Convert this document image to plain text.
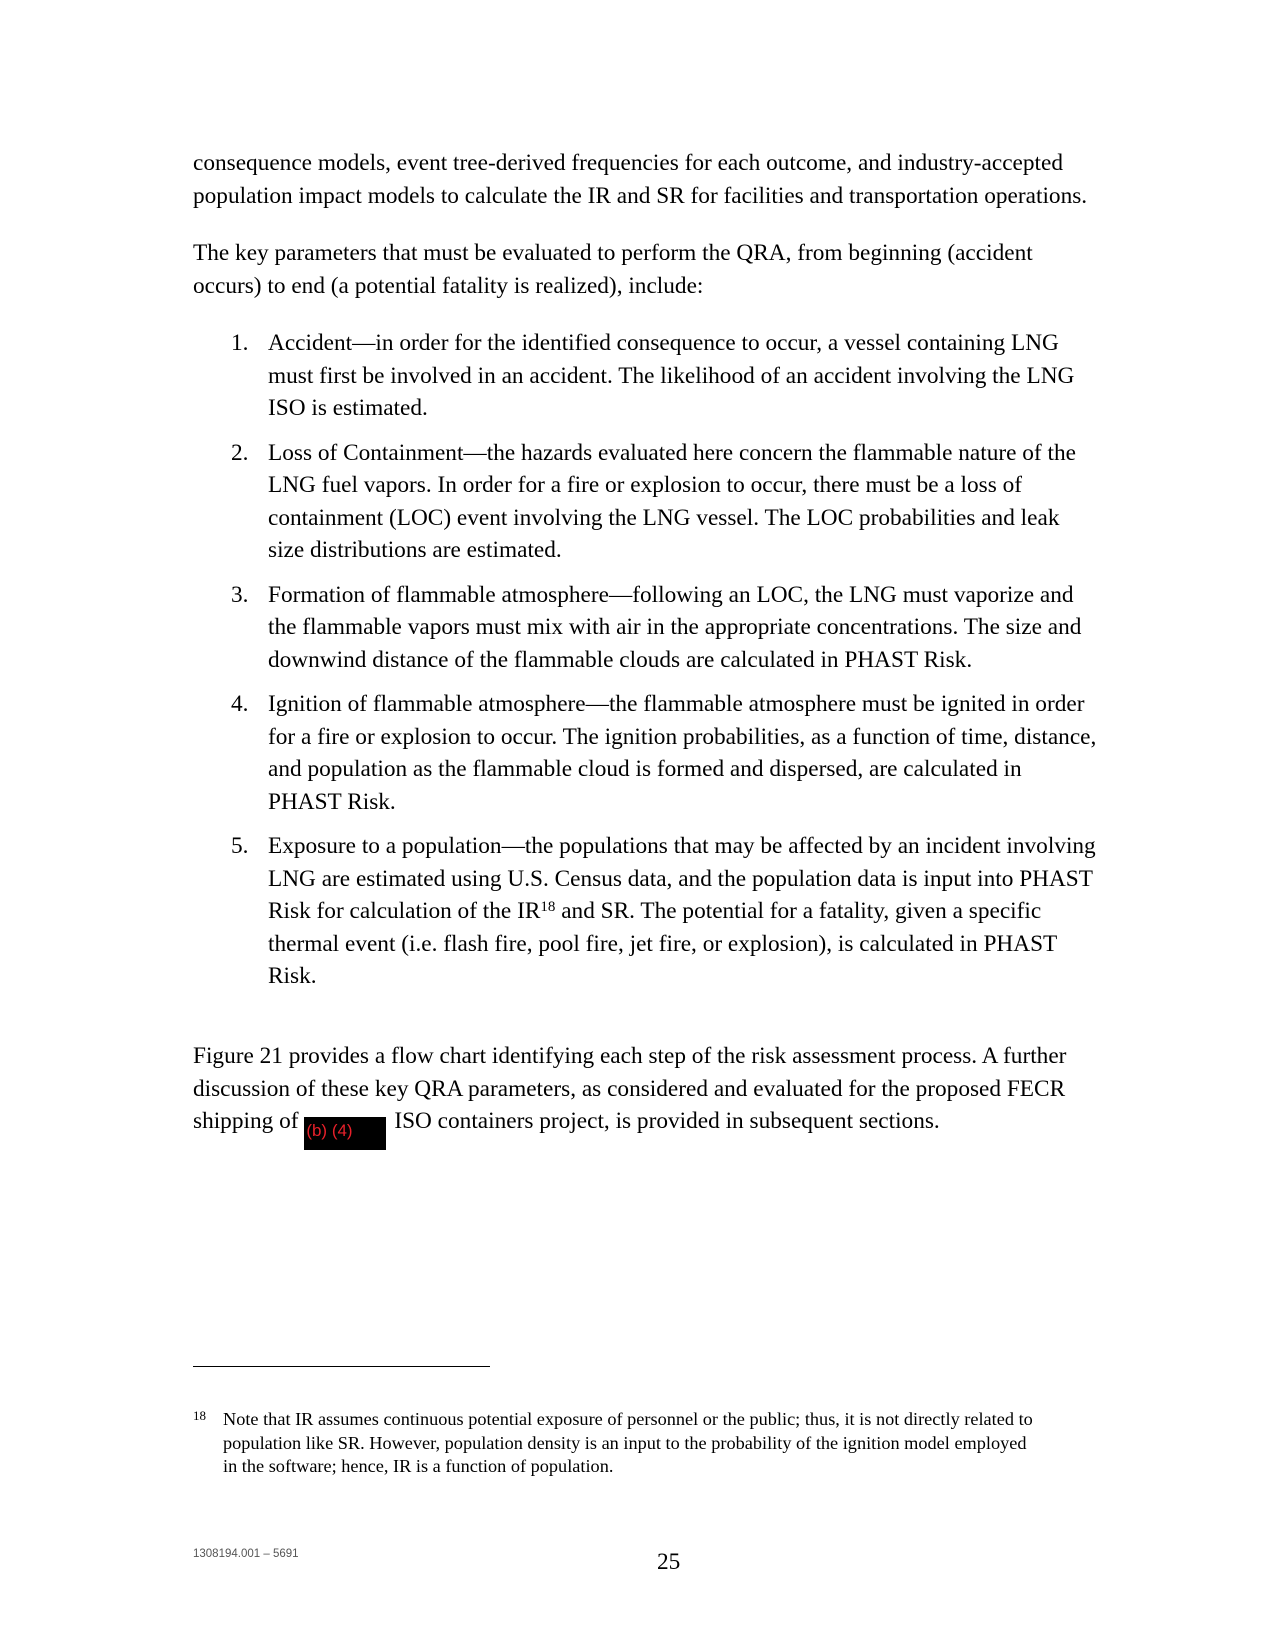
consequence models, event tree-derived frequencies for each outcome, and industry-accepted
population impact models to calculate the IR and SR for facilities and transportation operations.

The key parameters that must be evaluated to perform the QRA, from beginning (accident
occurs) to end (a potential fatality is realized), include:

1. Accident—in order for the identified consequence to occur, a vessel containing LNG
must first be involved in an accident. The likelihood of an accident involving the LNG
ISO is estimated.
2. Loss of Containment—the hazards evaluated here concern the flammable nature of the
LNG fuel vapors. In order for a fire or explosion to occur, there must be a loss of
containment (LOC) event involving the LNG vessel. The LOC probabilities and leak
size distributions are estimated.
3. Formation of flammable atmosphere—following an LOC, the LNG must vaporize and
the flammable vapors must mix with air in the appropriate concentrations. The size and
downwind distance of the flammable clouds are calculated in PHAST Risk.
4. Ignition of flammable atmosphere—the flammable atmosphere must be ignited in order
for a fire or explosion to occur. The ignition probabilities, as a function of time, distance,
and population as the flammable cloud is formed and dispersed, are calculated in
PHAST Risk.
5. Exposure to a population—the populations that may be affected by an incident involving
LNG are estimated using U.S. Census data, and the population data is input into PHAST
Risk for calculation of the IR$^{18}$ and SR. The potential for a fatality, given a specific
thermal event (i.e. flash fire, pool fire, jet fire, or explosion), is calculated in PHAST
Risk.

Figure 21 provides a flow chart identifying each step of the risk assessment process. A further
discussion of these key QRA parameters, as considered and evaluated for the proposed FECR
shipping of (b) (4) ISO containers project, is provided in subsequent sections.

18 Note that IR assumes continuous potential exposure of personnel or the public; thus, it is not directly related to
population like SR. However, population density is an input to the probability of the ignition model employed
in the software; hence, IR is a function of population.
1308194.001 – 5691	25
